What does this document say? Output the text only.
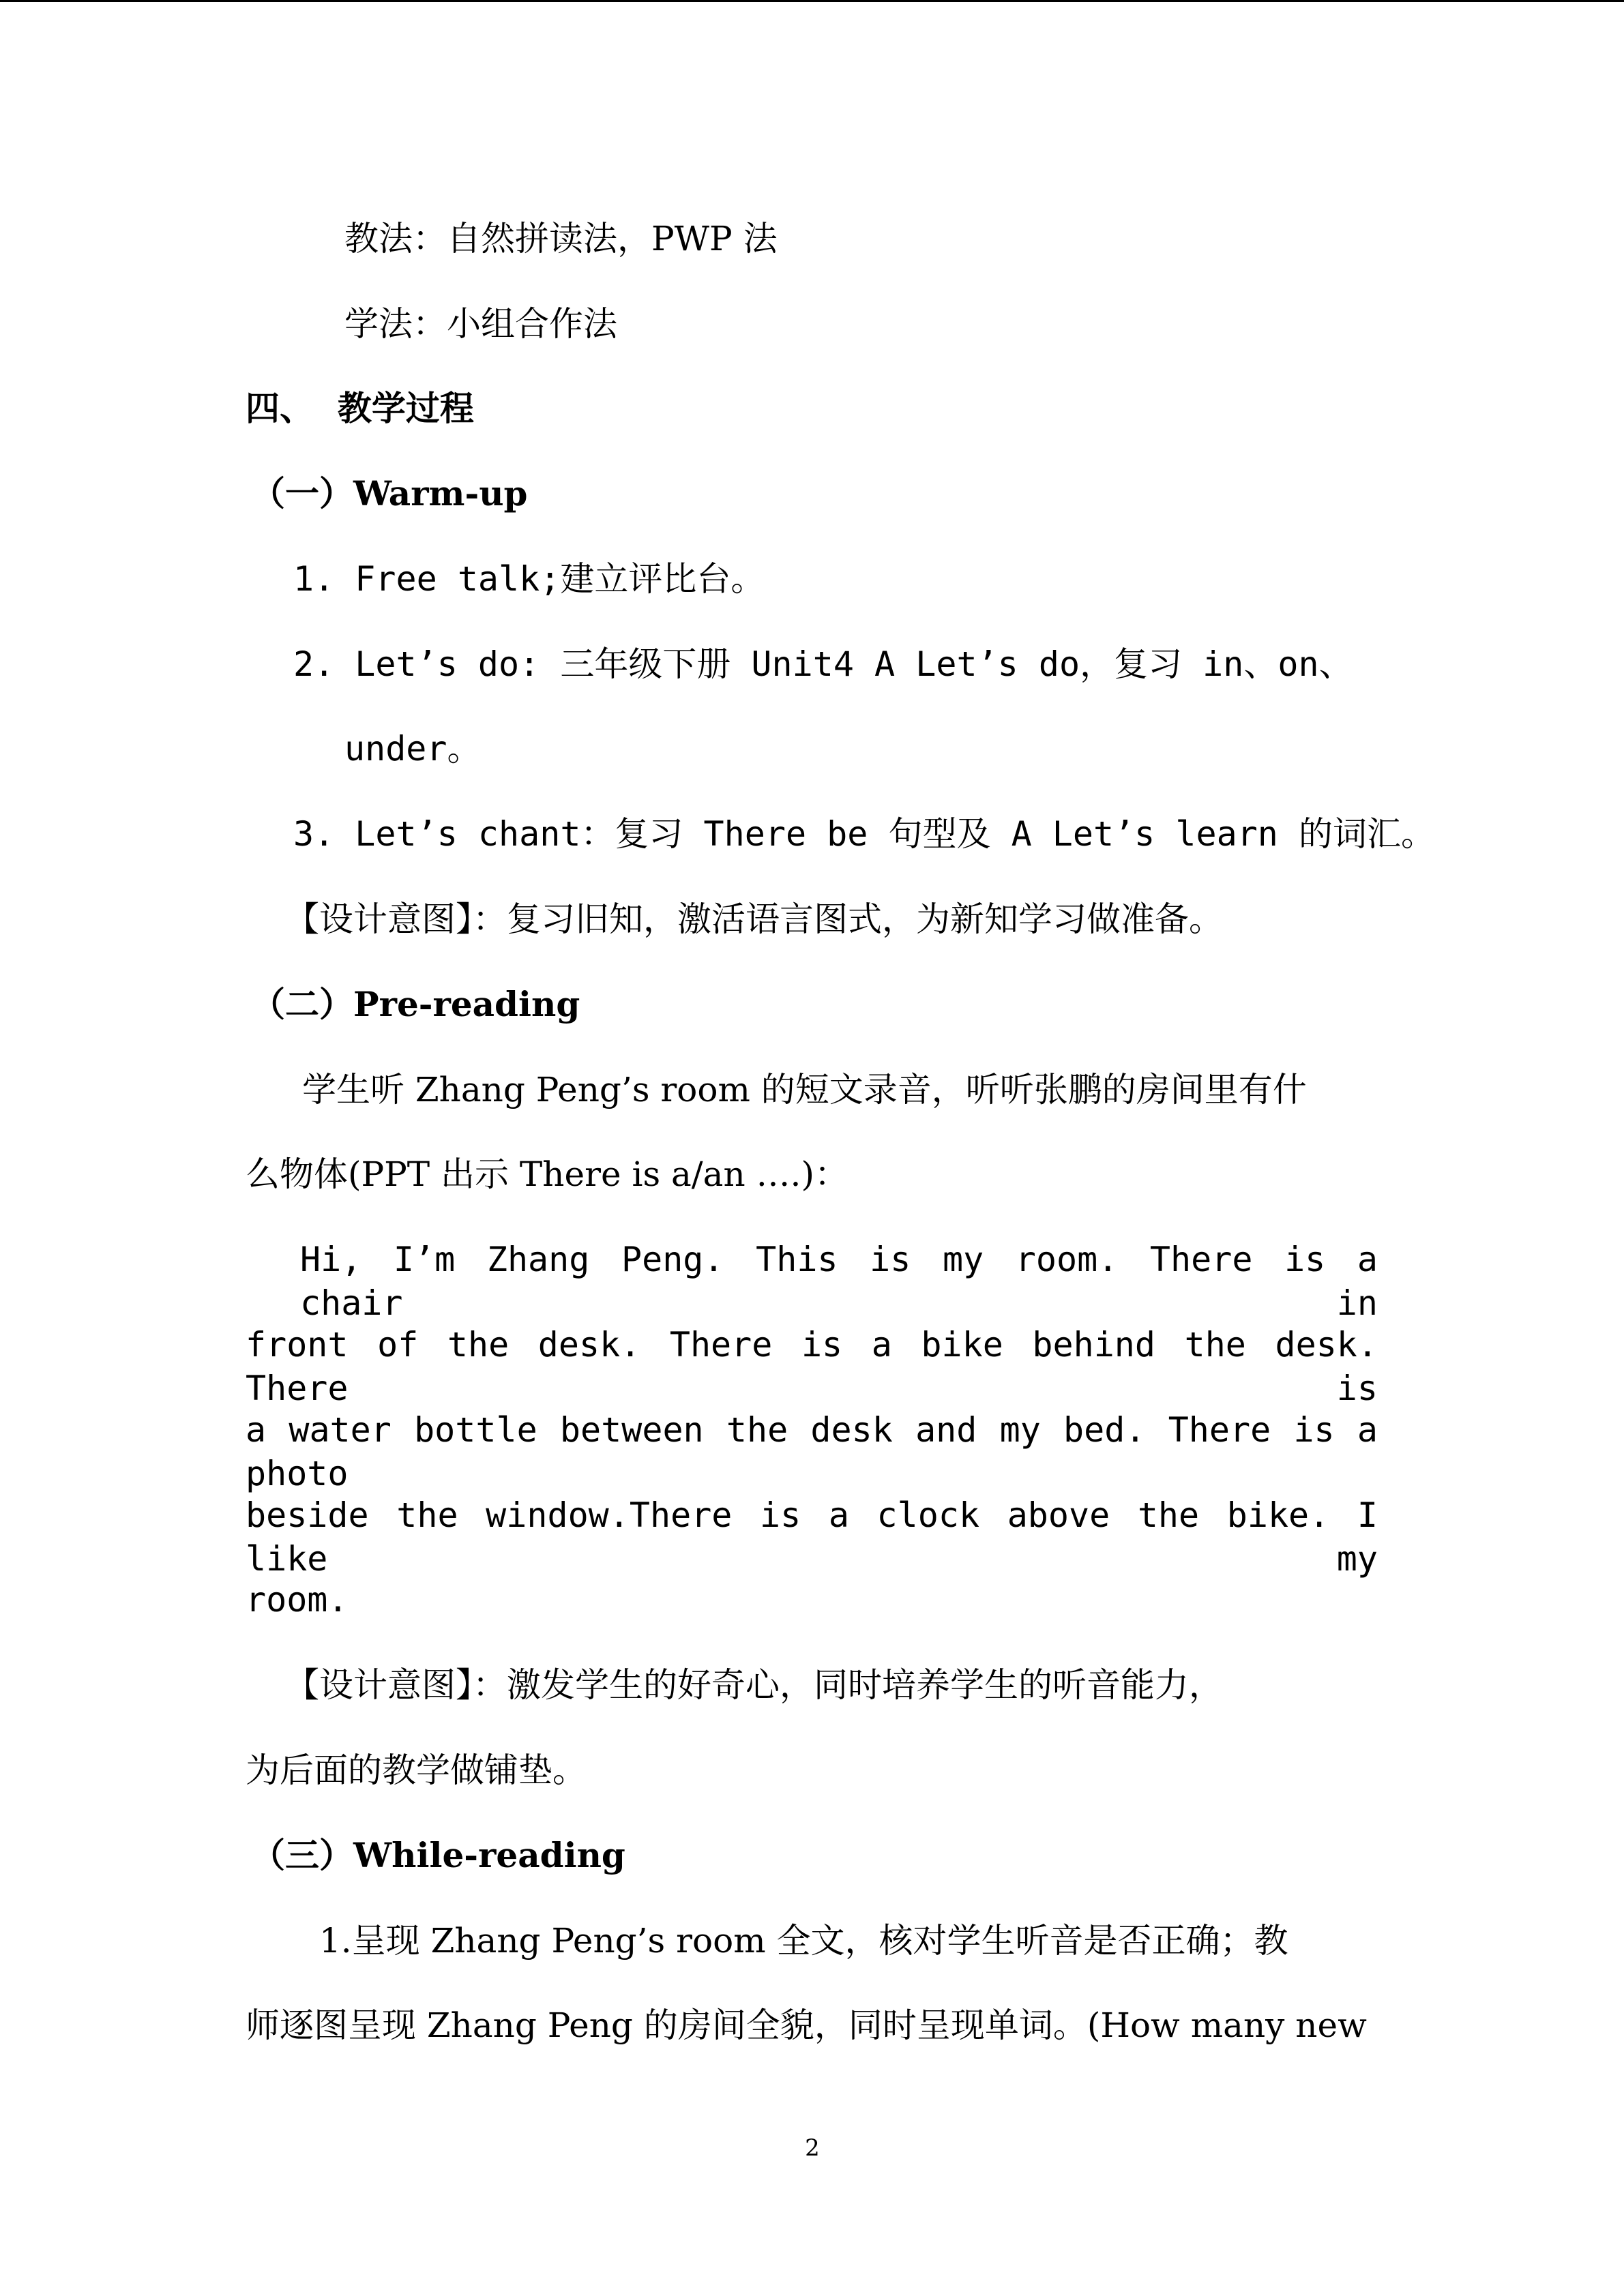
教法：自然拼读法，PWP 法
学法：小组合作法
四、  教学过程
（一）Warm-up
1. Free talk;建立评比台。
2. Let’s do: 三年级下册 Unit4 A Let’s do，复习 in、on、
under。
3. Let’s chant：复习 There be 句型及 A Let’s learn 的词汇。
【设计意图】：复习旧知，激活语言图式，为新知学习做准备。
（二）Pre-reading
学生听 Zhang Peng’s room 的短文录音，听听张鹏的房间里有什
么物体(PPT 出示 There is a/an ….)：
Hi, I’m Zhang Peng. This is my room. There is a chair in
front of the desk. There is a bike behind the desk. There is
a water bottle between the desk and my bed. There is a photo
beside the window.There is a clock above the bike. I like my
room.
【设计意图】：激发学生的好奇心，同时培养学生的听音能力，
为后面的教学做铺垫。
（三）While-reading
1.呈现 Zhang Peng’s room 全文，核对学生听音是否正确；教
师逐图呈现 Zhang Peng 的房间全貌，同时呈现单词。(How many new
2
